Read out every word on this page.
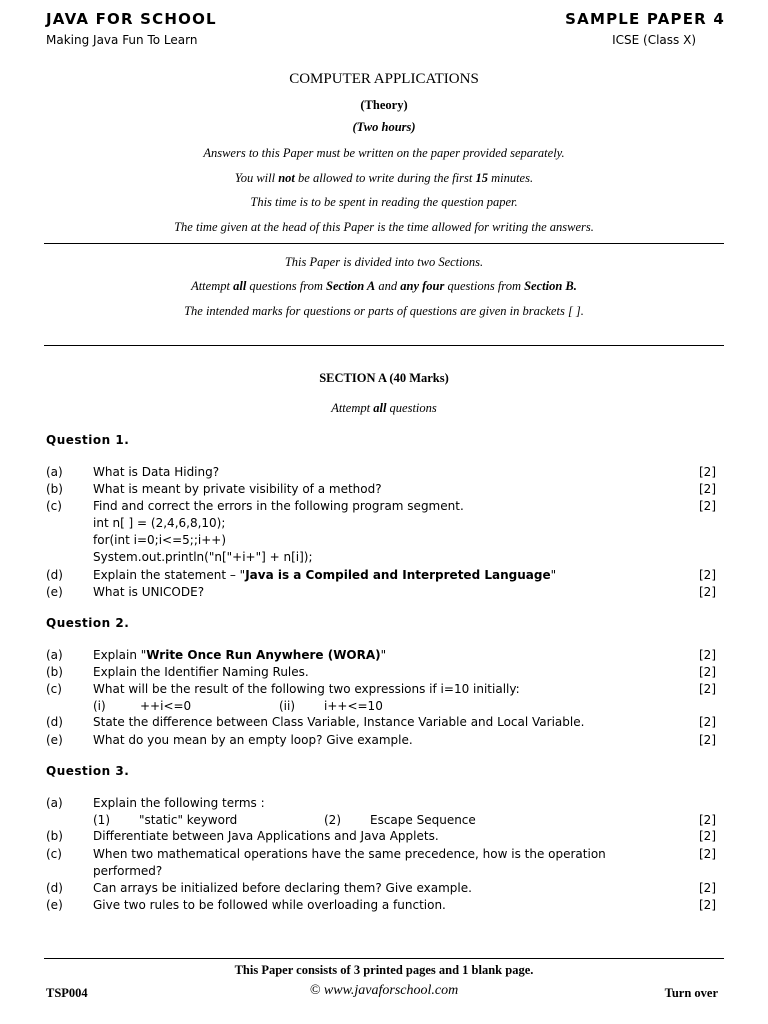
JAVA FOR SCHOOL
Making Java Fun To Learn
SAMPLE PAPER 4
ICSE (Class X)
COMPUTER APPLICATIONS
(Theory)
(Two hours)
Answers to this Paper must be written on the paper provided separately.
You will not be allowed to write during the first 15 minutes.
This time is to be spent in reading the question paper.
The time given at the head of this Paper is the time allowed for writing the answers.
This Paper is divided into two Sections.
Attempt all questions from Section A and any four questions from Section B.
The intended marks for questions or parts of questions are given in brackets [ ].
SECTION A (40 Marks)
Attempt all questions
Question 1.
(a)	What is Data Hiding?	[2]
(b)	What is meant by private visibility of a method?	[2]
(c)	Find and correct the errors in the following program segment.	[2]
int n[ ] = (2,4,6,8,10);
for(int i=0;i<=5;;i++)
System.out.println("n["+i+"] + n[i]);
(d)	Explain the statement – "Java is a Compiled and Interpreted Language"	[2]
(e)	What is UNICODE?	[2]
Question 2.
(a)	Explain "Write Once Run Anywhere (WORA)"	[2]
(b)	Explain the Identifier Naming Rules.	[2]
(c)	What will be the result of the following two expressions if i=10 initially:	[2]
(i)	++i<=0	(ii) i++<=10
(d)	State the difference between Class Variable, Instance Variable and Local Variable.	[2]
(e)	What do you mean by an empty loop? Give example.	[2]
Question 3.
(a)	Explain the following terms :
(1) "static" keyword	(2) Escape Sequence	[2]
(b)	Differentiate between Java Applications and Java Applets.	[2]
(c)	When two mathematical operations have the same precedence, how is the operation	[2]
performed?
(d)	Can arrays be initialized before declaring them? Give example.	[2]
(e)	Give two rules to be followed while overloading a function.	[2]
This Paper consists of 3 printed pages and 1 blank page.
TSP004	© www.javaforschool.com	Turn over
